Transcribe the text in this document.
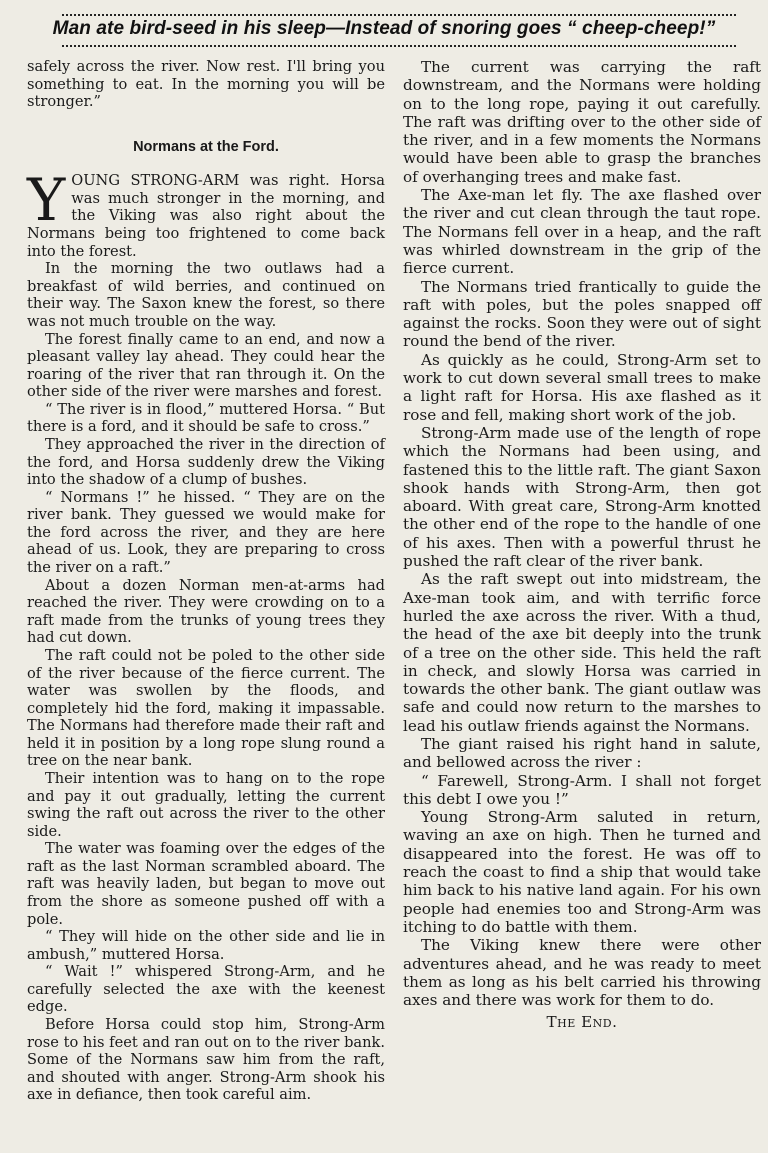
Man ate bird-seed in his sleep—Instead of snoring goes “ cheep-cheep!”

safely across the river. Now rest. I'll bring you something to eat. In the morning you will be stronger.”

Normans at the Ford.

YOUNG STRONG-ARM was right. Horsa was much stronger in the morning, and the Viking was also right about the Normans being too frightened to come back into the forest.

In the morning the two outlaws had a breakfast of wild berries, and continued on their way. The Saxon knew the forest, so there was not much trouble on the way.

The forest finally came to an end, and now a pleasant valley lay ahead. They could hear the roaring of the river that ran through it. On the other side of the river were marshes and forest.

“ The river is in flood,” muttered Horsa. “ But there is a ford, and it should be safe to cross.”

They approached the river in the direction of the ford, and Horsa suddenly drew the Viking into the shadow of a clump of bushes.

“ Normans !” he hissed. “ They are on the river bank. They guessed we would make for the ford across the river, and they are here ahead of us. Look, they are preparing to cross the river on a raft.”

About a dozen Norman men-at-arms had reached the river. They were crowding on to a raft made from the trunks of young trees they had cut down.

The raft could not be poled to the other side of the river because of the fierce current. The water was swollen by the floods, and completely hid the ford, making it impassable. The Normans had therefore made their raft and held it in position by a long rope slung round a tree on the near bank.

Their intention was to hang on to the rope and pay it out gradually, letting the current swing the raft out across the river to the other side.

The water was foaming over the edges of the raft as the last Norman scrambled aboard. The raft was heavily laden, but began to move out from the shore as someone pushed off with a pole.

“ They will hide on the other side and lie in ambush,” muttered Horsa.

“ Wait !” whispered Strong-Arm, and he carefully selected the axe with the keenest edge.

Before Horsa could stop him, Strong-Arm rose to his feet and ran out on to the river bank. Some of the Normans saw him from the raft, and shouted with anger. Strong-Arm shook his axe in defiance, then took careful aim.

The current was carrying the raft downstream, and the Normans were holding on to the long rope, paying it out carefully. The raft was drifting over to the other side of the river, and in a few moments the Normans would have been able to grasp the branches of overhanging trees and make fast.

The Axe-man let fly. The axe flashed over the river and cut clean through the taut rope. The Normans fell over in a heap, and the raft was whirled downstream in the grip of the fierce current.

The Normans tried frantically to guide the raft with poles, but the poles snapped off against the rocks. Soon they were out of sight round the bend of the river.

As quickly as he could, Strong-Arm set to work to cut down several small trees to make a light raft for Horsa. His axe flashed as it rose and fell, making short work of the job.

Strong-Arm made use of the length of rope which the Normans had been using, and fastened this to the little raft. The giant Saxon shook hands with Strong-Arm, then got aboard. With great care, Strong-Arm knotted the other end of the rope to the handle of one of his axes. Then with a powerful thrust he pushed the raft clear of the river bank.

As the raft swept out into midstream, the Axe-man took aim, and with terrific force hurled the axe across the river. With a thud, the head of the axe bit deeply into the trunk of a tree on the other side. This held the raft in check, and slowly Horsa was carried in towards the other bank. The giant outlaw was safe and could now return to the marshes to lead his outlaw friends against the Normans.

The giant raised his right hand in salute, and bellowed across the river :

“ Farewell, Strong-Arm. I shall not forget this debt I owe you !”

Young Strong-Arm saluted in return, waving an axe on high. Then he turned and disappeared into the forest. He was off to reach the coast to find a ship that would take him back to his native land again. For his own people had enemies too and Strong-Arm was itching to do battle with them.

The Viking knew there were other adventures ahead, and he was ready to meet them as long as his belt carried his throwing axes and there was work for them to do.

The End.
